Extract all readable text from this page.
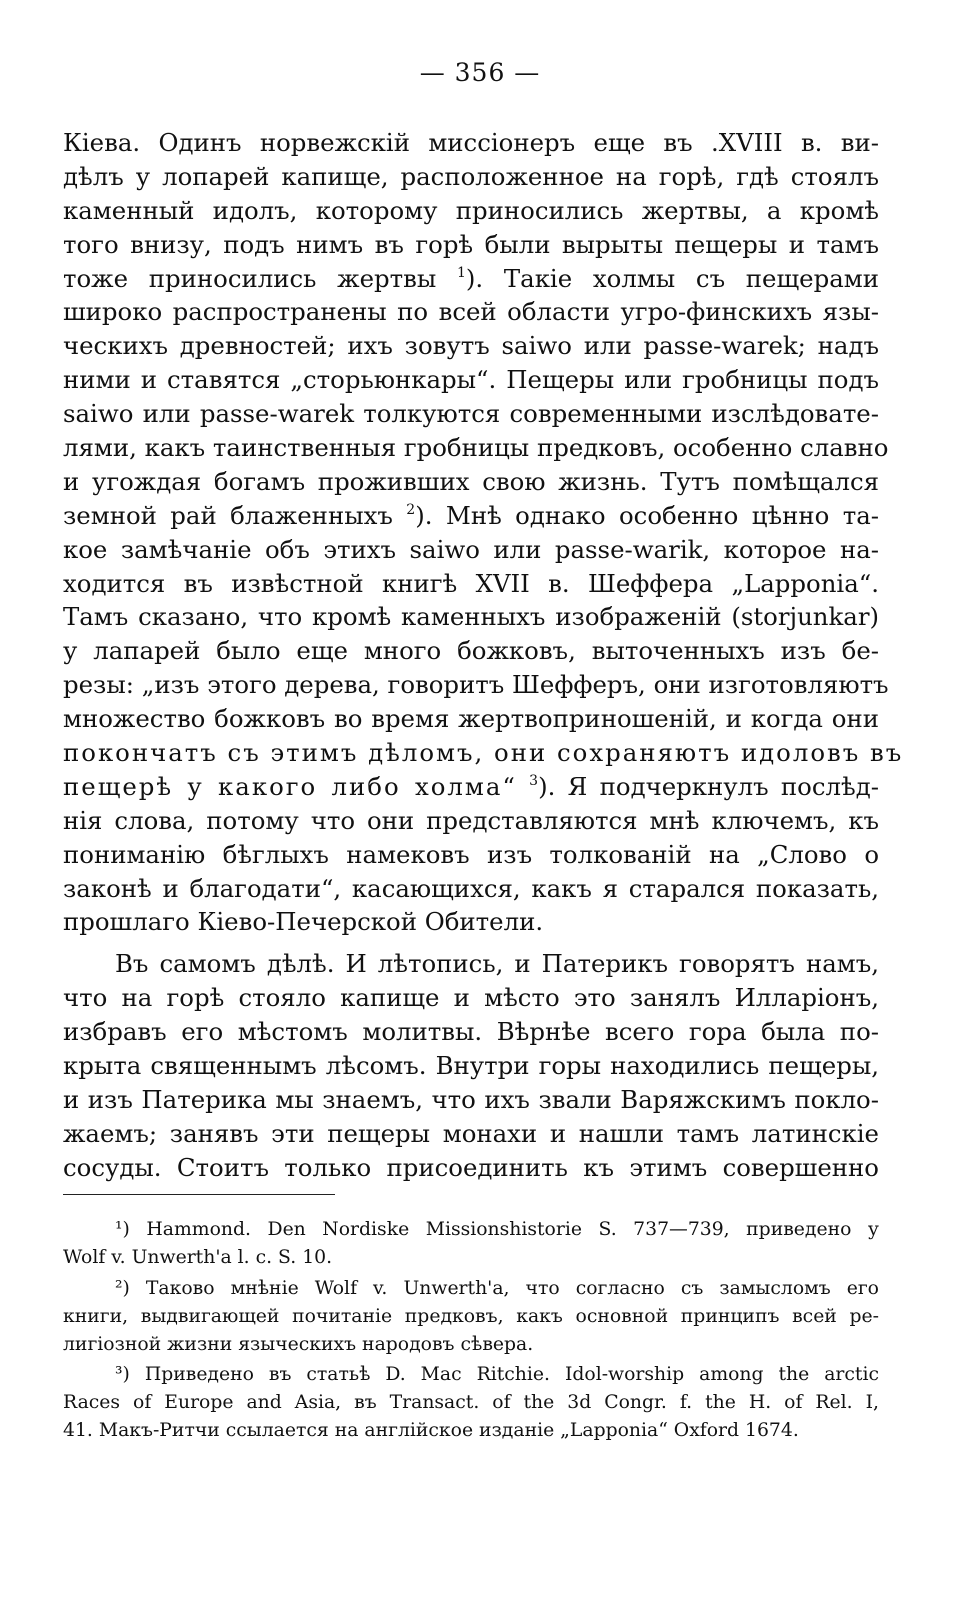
— 356 —
Кіева. Одинъ норвежскій миссіонеръ еще въ .XVIII в. ви-
дѣлъ у лопарей капище, расположенное на горѣ, гдѣ стоялъ
каменный идолъ, которому приносились жертвы, а кромѣ
того внизу, подъ нимъ въ горѣ были вырыты пещеры и тамъ
тоже приносились жертвы $^1$). Такіе холмы съ пещерами
широко распространены по всей области угро-финскихъ язы-
ческихъ древностей; ихъ зовутъ saiwo или passe-warek; надъ
ними и ставятся „сторьюнкары“. Пещеры или гробницы подъ
saiwo или passe-warek толкуются современными изслѣдовате-
лями, какъ таинственныя гробницы предковъ, особенно славно
и угождая богамъ проживших свою жизнь. Тутъ помѣщался
земной рай блаженныхъ $^2$). Мнѣ однако особенно цѣнно та-
кое замѣчаніе объ этихъ saiwo или passe-warik, которое на-
ходится въ извѣстной книгѣ XVII в. Шеффера „Lapponia“.
Тамъ сказано, что кромѣ каменныхъ изображеній (storjunkar)
у лапарей было еще много божковъ, выточенныхъ изъ бе-
резы: „изъ этого дерева, говоритъ Шефферъ, они изготовляютъ
множество божковъ во время жертвоприношеній, и когда они
покончатъ съ этимъ дѣломъ, они сохраняютъ идоловъ въ
пещерѣ у какого либо холма“ $^3$). Я подчеркнулъ послѣд-
нія слова, потому что они представляются мнѣ ключемъ, къ
пониманію бѣглыхъ намековъ изъ толкованій на „Слово о
законѣ и благодати“, касающихся, какъ я старался показать,
прошлаго Кіево-Печерской Обители.
Въ самомъ дѣлѣ. И лѣтопись, и Патерикъ говорятъ намъ,
что на горѣ стояло капище и мѣсто это занялъ Илларіонъ,
избравъ его мѣстомъ молитвы. Вѣрнѣе всего гора была по-
крыта священнымъ лѣсомъ. Внутри горы находились пещеры,
и изъ Патерика мы знаемъ, что ихъ звали Варяжскимъ покло-
жаемъ; занявъ эти пещеры монахи и нашли тамъ латинскіе
сосуды. Стоитъ только присоединить къ этимъ совершенно
¹) Hammond. Den Nordiske Missionshistorie S. 737—739, приведено у
Wolf v. Unwerth'a l. c. S. 10.
²) Таково мнѣніе Wolf v. Unwerth'a, что согласно съ замысломъ его
книги, выдвигающей почитаніе предковъ, какъ основной принципъ всей ре-
лигіозной жизни языческихъ народовъ сѣвера.
³) Приведено въ статьѣ D. Mac Ritchie. Idol-worship among the arctic
Races of Europe and Asia, въ Transact. of the 3d Congr. f. the H. of Rel. I,
41. Макъ-Ритчи ссылается на англійское изданіе „Lapponia“ Oxford 1674.
